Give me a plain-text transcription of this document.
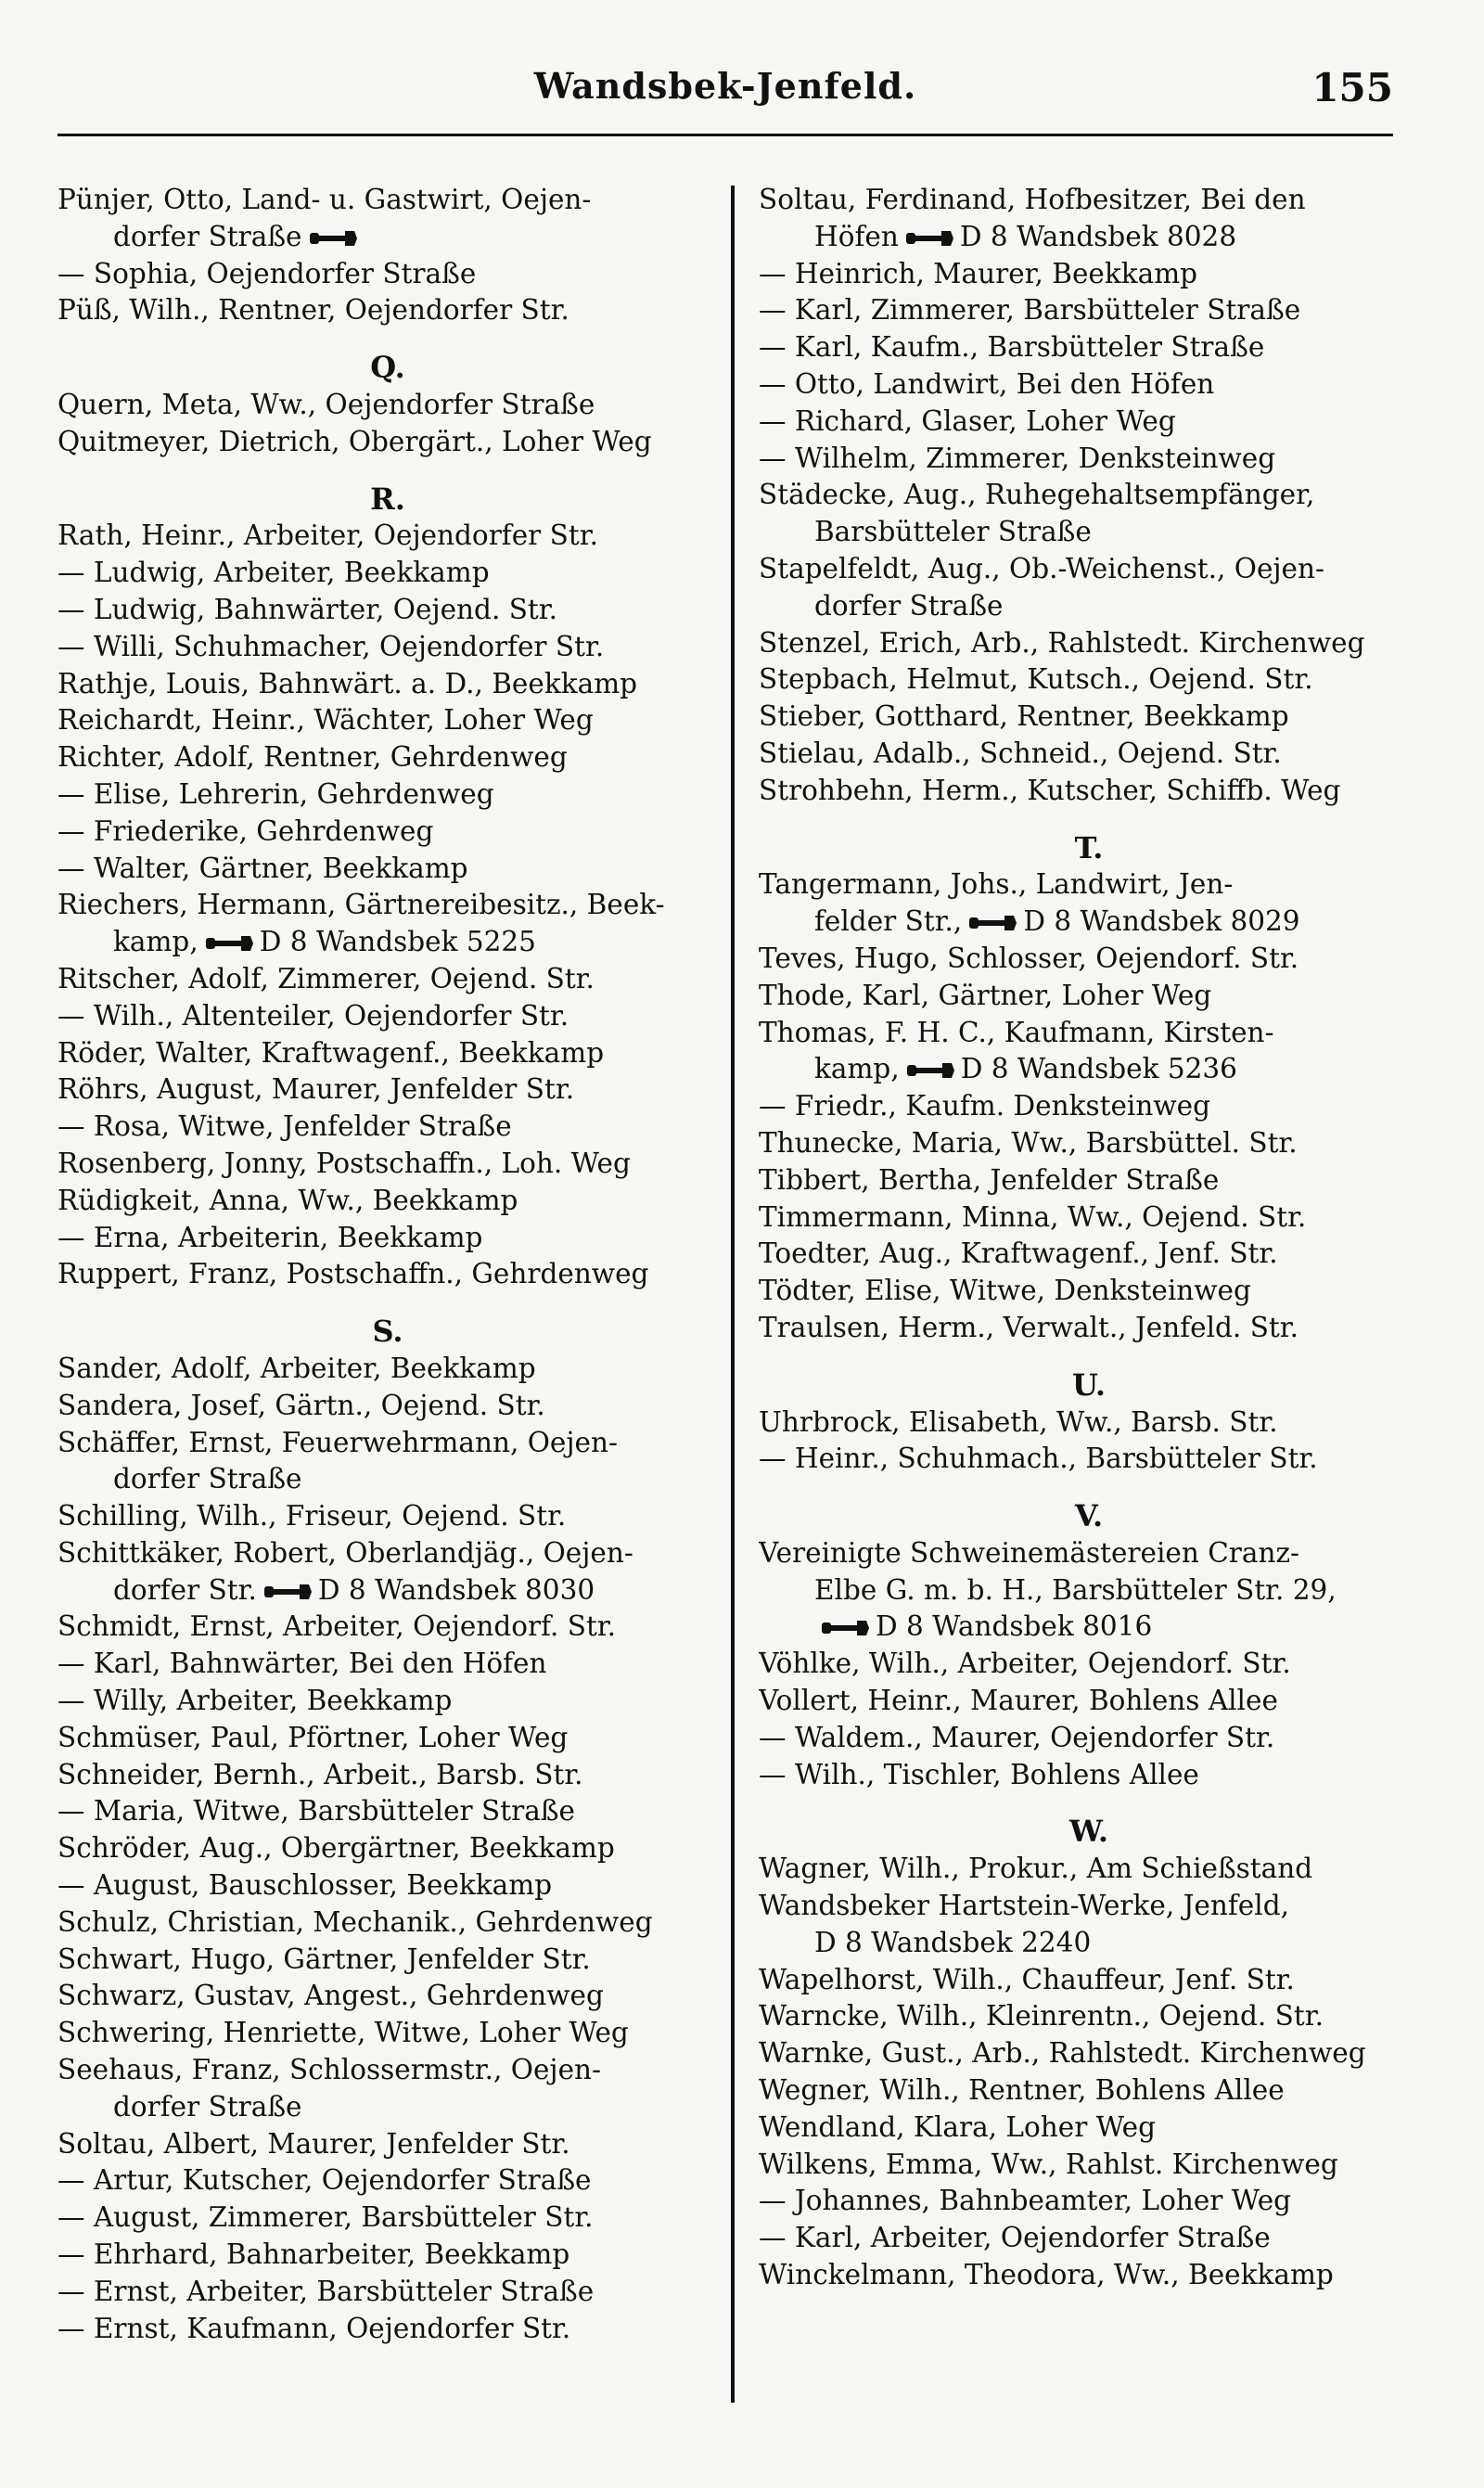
Wandsbek-Jenfeld.	155
Pünjer, Otto, Land- u. Gastwirt, Oejen-
dorfer Straße
— Sophia, Oejendorfer Straße
Püß, Wilh., Rentner, Oejendorfer Str.
Q.
Quern, Meta, Ww., Oejendorfer Straße
Quitmeyer, Dietrich, Obergärt., Loher Weg
R.
Rath, Heinr., Arbeiter, Oejendorfer Str.
— Ludwig, Arbeiter, Beekkamp
— Ludwig, Bahnwärter, Oejend. Str.
— Willi, Schuhmacher, Oejendorfer Str.
Rathje, Louis, Bahnwärt. a. D., Beekkamp
Reichardt, Heinr., Wächter, Loher Weg
Richter, Adolf, Rentner, Gehrdenweg
— Elise, Lehrerin, Gehrdenweg
— Friederike, Gehrdenweg
— Walter, Gärtner, Beekkamp
Riechers, Hermann, Gärtnereibesitz., Beek-
kamp, D 8 Wandsbek 5225
Ritscher, Adolf, Zimmerer, Oejend. Str.
— Wilh., Altenteiler, Oejendorfer Str.
Röder, Walter, Kraftwagenf., Beekkamp
Röhrs, August, Maurer, Jenfelder Str.
— Rosa, Witwe, Jenfelder Straße
Rosenberg, Jonny, Postschaffn., Loh. Weg
Rüdigkeit, Anna, Ww., Beekkamp
— Erna, Arbeiterin, Beekkamp
Ruppert, Franz, Postschaffn., Gehrdenweg
S.
Sander, Adolf, Arbeiter, Beekkamp
Sandera, Josef, Gärtn., Oejend. Str.
Schäffer, Ernst, Feuerwehrmann, Oejen-
dorfer Straße
Schilling, Wilh., Friseur, Oejend. Str.
Schittkäker, Robert, Oberlandjäg., Oejen-
dorfer Str. D 8 Wandsbek 8030
Schmidt, Ernst, Arbeiter, Oejendorf. Str.
— Karl, Bahnwärter, Bei den Höfen
— Willy, Arbeiter, Beekkamp
Schmüser, Paul, Pförtner, Loher Weg
Schneider, Bernh., Arbeit., Barsb. Str.
— Maria, Witwe, Barsbütteler Straße
Schröder, Aug., Obergärtner, Beekkamp
— August, Bauschlosser, Beekkamp
Schulz, Christian, Mechanik., Gehrdenweg
Schwart, Hugo, Gärtner, Jenfelder Str.
Schwarz, Gustav, Angest., Gehrdenweg
Schwering, Henriette, Witwe, Loher Weg
Seehaus, Franz, Schlossermstr., Oejen-
dorfer Straße
Soltau, Albert, Maurer, Jenfelder Str.
— Artur, Kutscher, Oejendorfer Straße
— August, Zimmerer, Barsbütteler Str.
— Ehrhard, Bahnarbeiter, Beekkamp
— Ernst, Arbeiter, Barsbütteler Straße
— Ernst, Kaufmann, Oejendorfer Str.
Soltau, Ferdinand, Hofbesitzer, Bei den
Höfen D 8 Wandsbek 8028
— Heinrich, Maurer, Beekkamp
— Karl, Zimmerer, Barsbütteler Straße
— Karl, Kaufm., Barsbütteler Straße
— Otto, Landwirt, Bei den Höfen
— Richard, Glaser, Loher Weg
— Wilhelm, Zimmerer, Denksteinweg
Städecke, Aug., Ruhegehaltsempfänger,
Barsbütteler Straße
Stapelfeldt, Aug., Ob.-Weichenst., Oejen-
dorfer Straße
Stenzel, Erich, Arb., Rahlstedt. Kirchenweg
Stepbach, Helmut, Kutsch., Oejend. Str.
Stieber, Gotthard, Rentner, Beekkamp
Stielau, Adalb., Schneid., Oejend. Str.
Strohbehn, Herm., Kutscher, Schiffb. Weg
T.
Tangermann, Johs., Landwirt, Jen-
felder Str., D 8 Wandsbek 8029
Teves, Hugo, Schlosser, Oejendorf. Str.
Thode, Karl, Gärtner, Loher Weg
Thomas, F. H. C., Kaufmann, Kirsten-
kamp, D 8 Wandsbek 5236
— Friedr., Kaufm. Denksteinweg
Thunecke, Maria, Ww., Barsbüttel. Str.
Tibbert, Bertha, Jenfelder Straße
Timmermann, Minna, Ww., Oejend. Str.
Toedter, Aug., Kraftwagenf., Jenf. Str.
Tödter, Elise, Witwe, Denksteinweg
Traulsen, Herm., Verwalt., Jenfeld. Str.
U.
Uhrbrock, Elisabeth, Ww., Barsb. Str.
— Heinr., Schuhmach., Barsbütteler Str.
V.
Vereinigte Schweinemästereien Cranz-
Elbe G. m. b. H., Barsbütteler Str. 29,
D 8 Wandsbek 8016
Vöhlke, Wilh., Arbeiter, Oejendorf. Str.
Vollert, Heinr., Maurer, Bohlens Allee
— Waldem., Maurer, Oejendorfer Str.
— Wilh., Tischler, Bohlens Allee
W.
Wagner, Wilh., Prokur., Am Schießstand
Wandsbeker Hartstein-Werke, Jenfeld,
D 8 Wandsbek 2240
Wapelhorst, Wilh., Chauffeur, Jenf. Str.
Warncke, Wilh., Kleinrentn., Oejend. Str.
Warnke, Gust., Arb., Rahlstedt. Kirchenweg
Wegner, Wilh., Rentner, Bohlens Allee
Wendland, Klara, Loher Weg
Wilkens, Emma, Ww., Rahlst. Kirchenweg
— Johannes, Bahnbeamter, Loher Weg
— Karl, Arbeiter, Oejendorfer Straße
Winckelmann, Theodora, Ww., Beekkamp
